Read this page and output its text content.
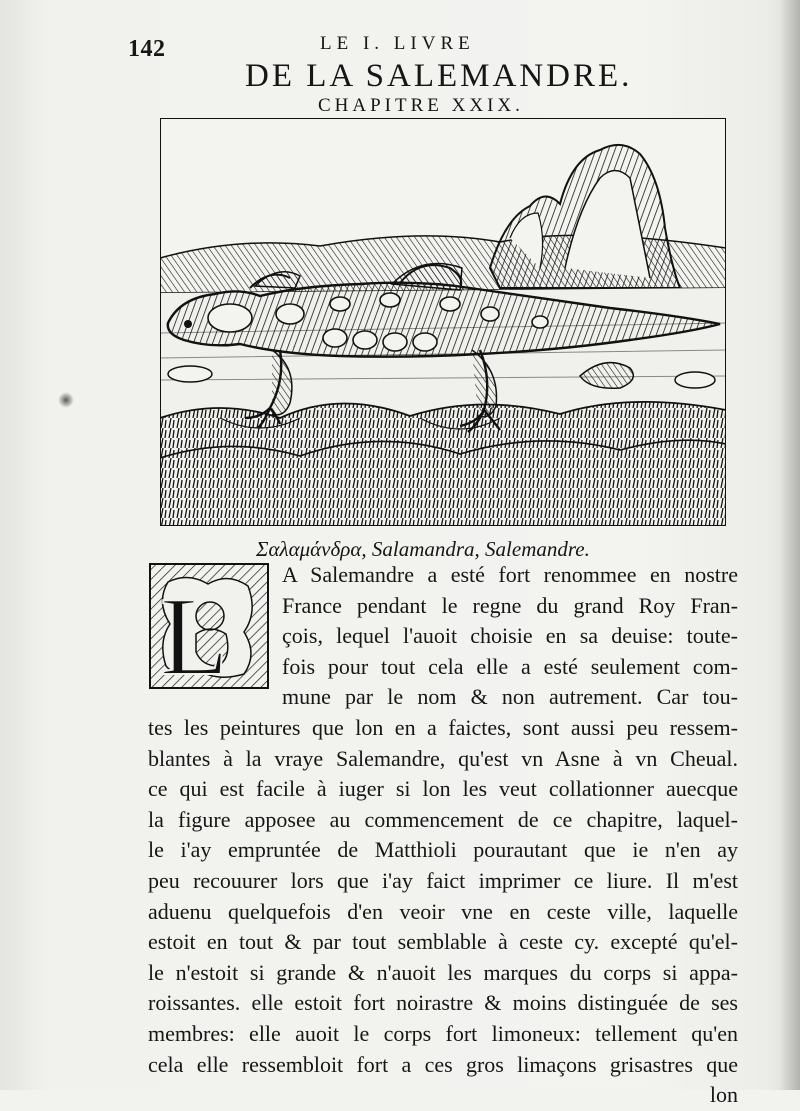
142	LE I. LIVRE
DE LA SALEMANDRE.
CHAPITRE XXIX.
Σαλαμάνδρα, Salamandra, Salemandre.
L
A Salemandre a esté fort renommee en nostre
France pendant le regne du grand Roy Fran-
çois, lequel l'auoit choisie en sa deuise: toute-
fois pour tout cela elle a esté seulement com-
mune par le nom & non autrement. Car tou-
tes les peintures que lon en a faictes, sont aussi peu ressem-
blantes à la vraye Salemandre, qu'est vn Asne à vn Cheual.
ce qui est facile à iuger si lon les veut collationner auecque
la figure apposee au commencement de ce chapitre, laquel-
le i'ay empruntée de Matthioli pourautant que ie n'en ay
peu recouurer lors que i'ay faict imprimer ce liure. Il m'est
aduenu quelquefois d'en veoir vne en ceste ville, laquelle
estoit en tout & par tout semblable à ceste cy. excepté qu'el-
le n'estoit si grande & n'auoit les marques du corps si appa-
roissantes. elle estoit fort noirastre & moins distinguée de ses
membres: elle auoit le corps fort limoneux: tellement qu'en
cela elle ressembloit fort a ces gros limaçons grisastres que
lon
